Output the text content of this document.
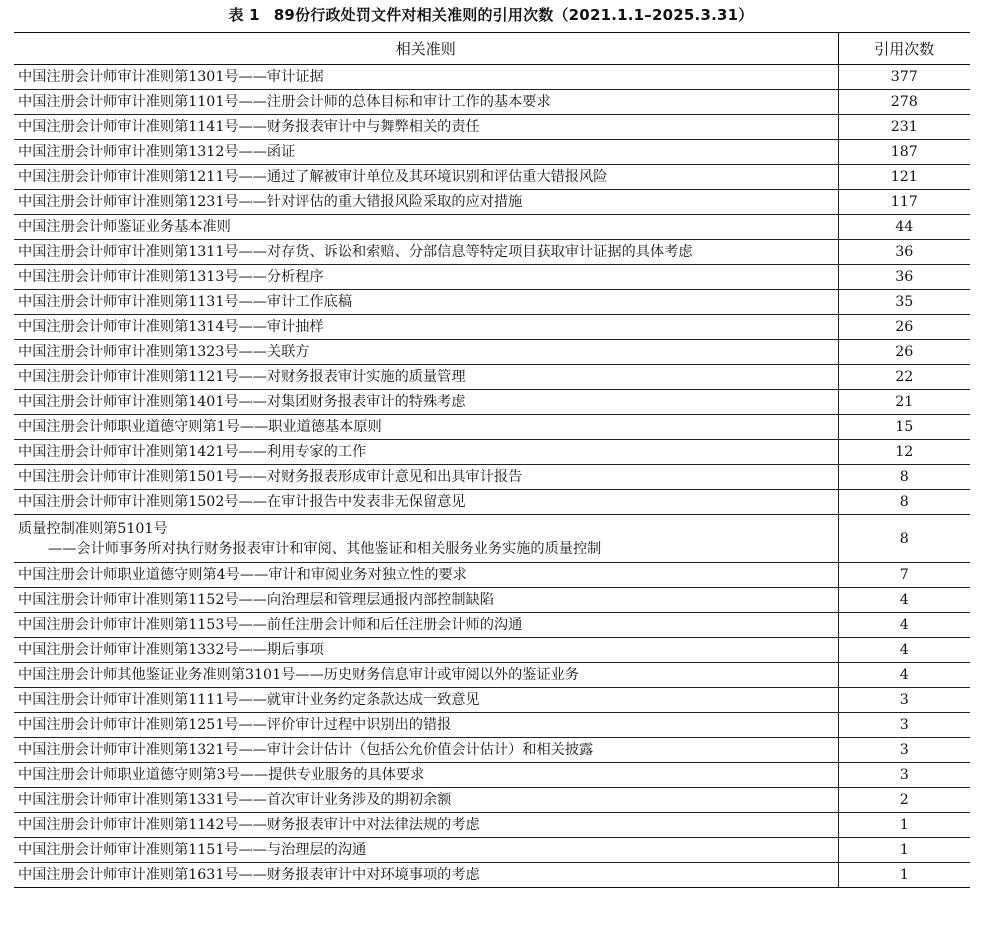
表 1 89份行政处罚文件对相关准则的引用次数（2021.1.1–2025.3.31）
相关准则	引用次数
中国注册会计师审计准则第1301号——审计证据	377
中国注册会计师审计准则第1101号——注册会计师的总体目标和审计工作的基本要求	278
中国注册会计师审计准则第1141号——财务报表审计中与舞弊相关的责任	231
中国注册会计师审计准则第1312号——函证	187
中国注册会计师审计准则第1211号——通过了解被审计单位及其环境识别和评估重大错报风险	121
中国注册会计师审计准则第1231号——针对评估的重大错报风险采取的应对措施	117
中国注册会计师鉴证业务基本准则	44
中国注册会计师审计准则第1311号——对存货、诉讼和索赔、分部信息等特定项目获取审计证据的具体考虑	36
中国注册会计师审计准则第1313号——分析程序	36
中国注册会计师审计准则第1131号——审计工作底稿	35
中国注册会计师审计准则第1314号——审计抽样	26
中国注册会计师审计准则第1323号——关联方	26
中国注册会计师审计准则第1121号——对财务报表审计实施的质量管理	22
中国注册会计师审计准则第1401号——对集团财务报表审计的特殊考虑	21
中国注册会计师职业道德守则第1号——职业道德基本原则	15
中国注册会计师审计准则第1421号——利用专家的工作	12
中国注册会计师审计准则第1501号——对财务报表形成审计意见和出具审计报告	8
中国注册会计师审计准则第1502号——在审计报告中发表非无保留意见	8
质量控制准则第5101号
——会计师事务所对执行财务报表审计和审阅、其他鉴证和相关服务业务实施的质量控制	8
中国注册会计师职业道德守则第4号——审计和审阅业务对独立性的要求	7
中国注册会计师审计准则第1152号——向治理层和管理层通报内部控制缺陷	4
中国注册会计师审计准则第1153号——前任注册会计师和后任注册会计师的沟通	4
中国注册会计师审计准则第1332号——期后事项	4
中国注册会计师其他鉴证业务准则第3101号——历史财务信息审计或审阅以外的鉴证业务	4
中国注册会计师审计准则第1111号——就审计业务约定条款达成一致意见	3
中国注册会计师审计准则第1251号——评价审计过程中识别出的错报	3
中国注册会计师审计准则第1321号——审计会计估计（包括公允价值会计估计）和相关披露	3
中国注册会计师职业道德守则第3号——提供专业服务的具体要求	3
中国注册会计师审计准则第1331号——首次审计业务涉及的期初余额	2
中国注册会计师审计准则第1142号——财务报表审计中对法律法规的考虑	1
中国注册会计师审计准则第1151号——与治理层的沟通	1
中国注册会计师审计准则第1631号——财务报表审计中对环境事项的考虑	1
